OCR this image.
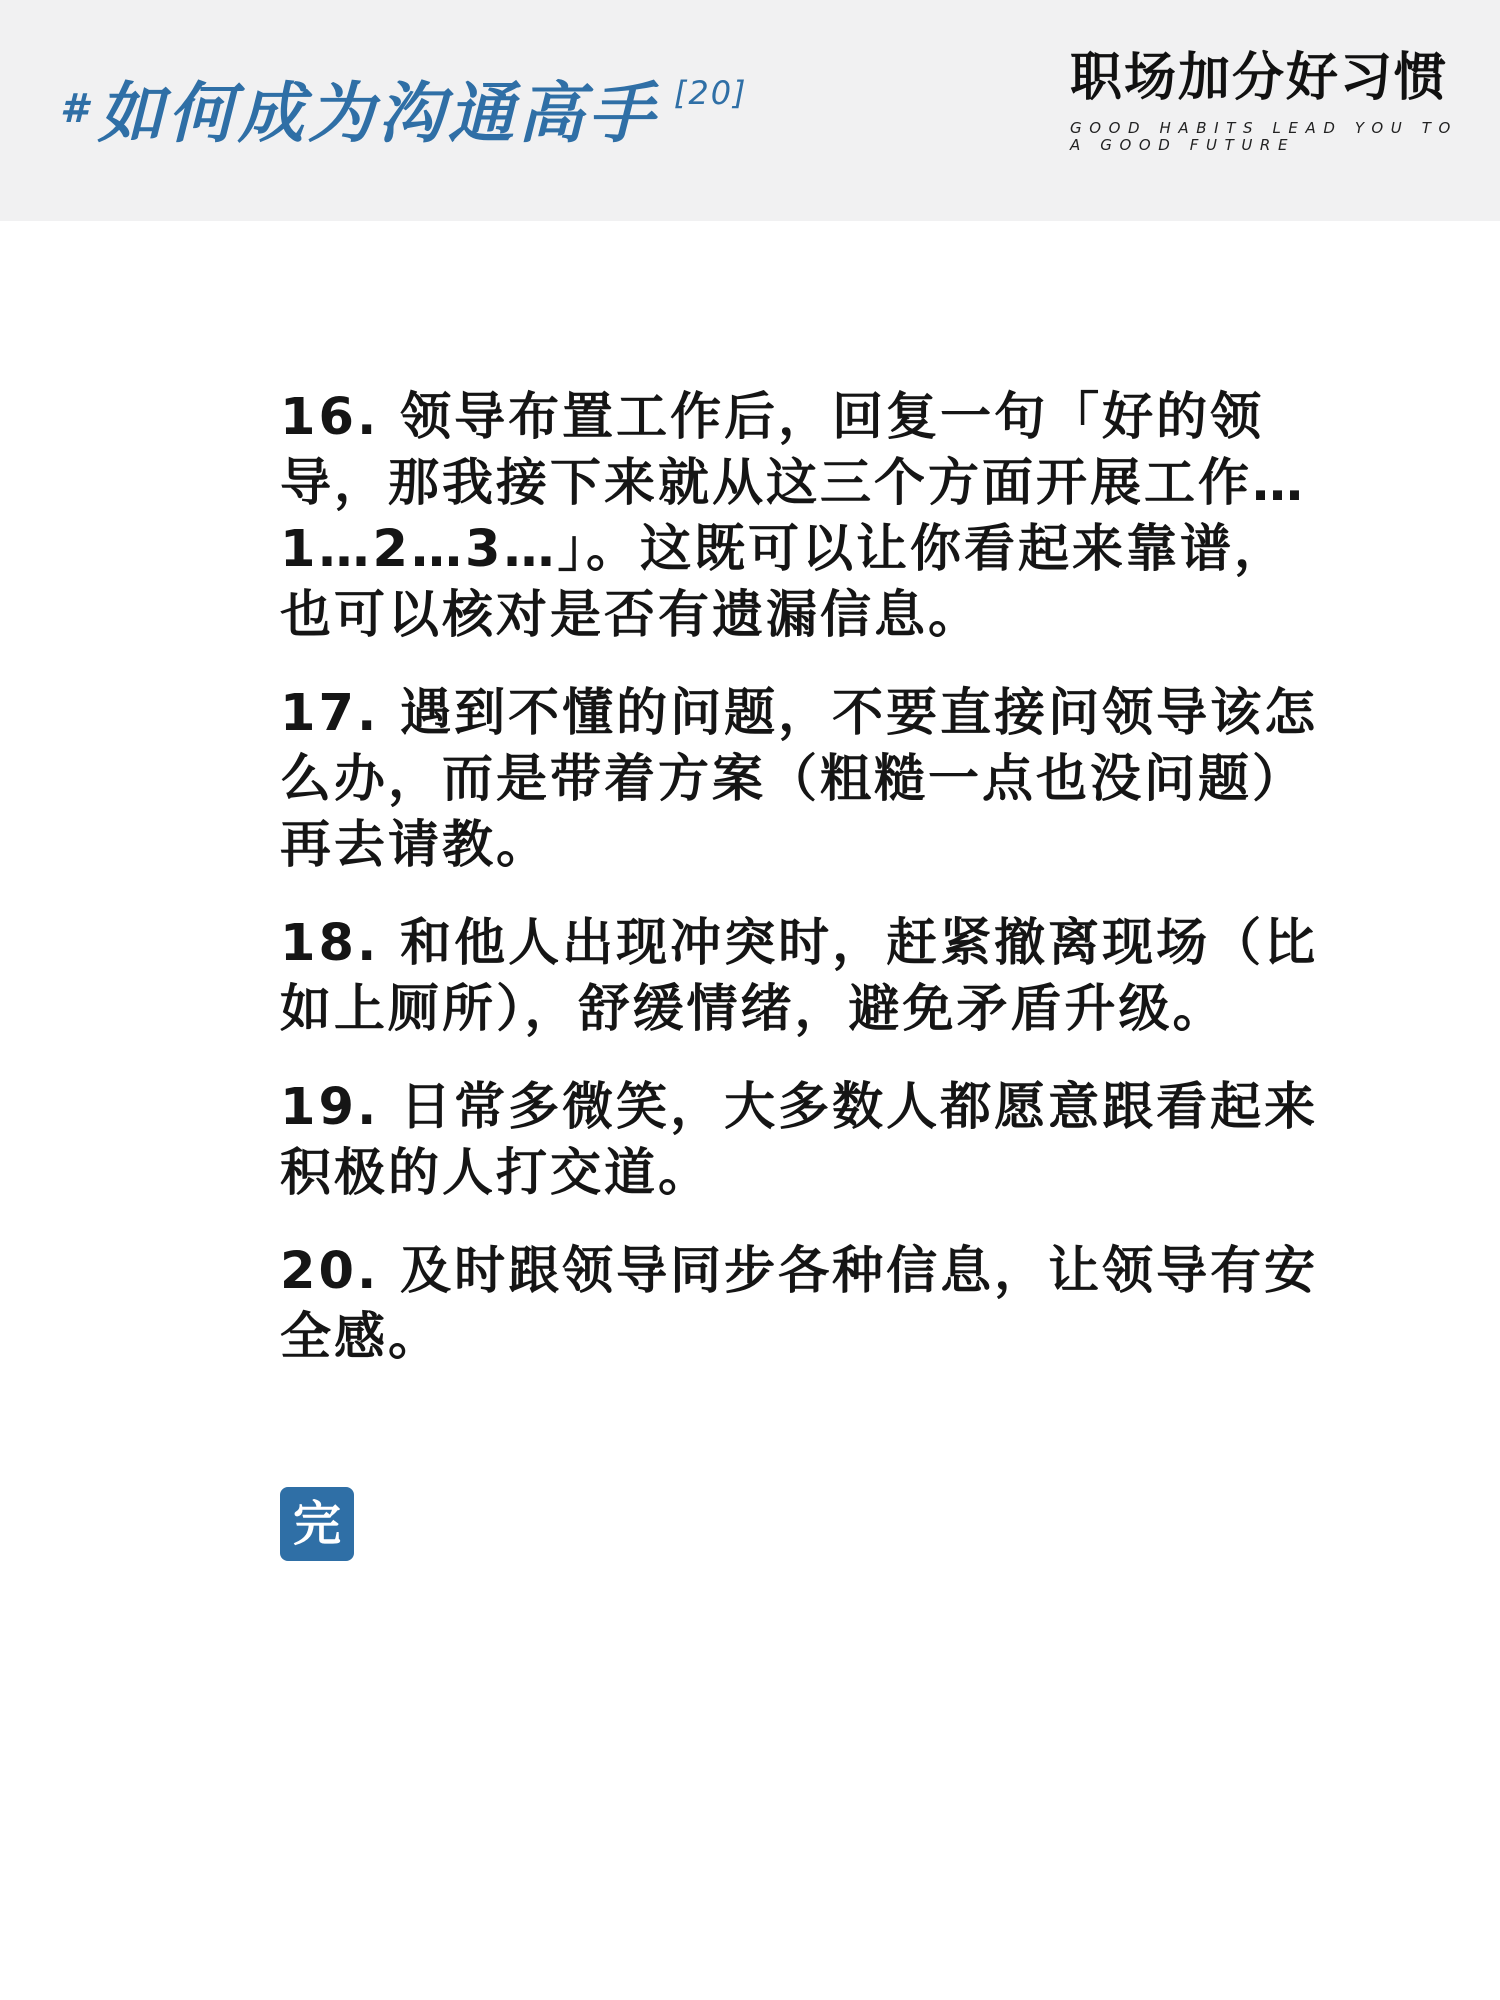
# 如何成为沟通高手 [20]	职场加分好习惯
GOOD HABITS LEAD YOU TO A GOOD FUTURE

16. 领导布置工作后，回复一句「好的领导，那我接下来就从这三个方面开展工作…1…2…3…」。这既可以让你看起来靠谱，也可以核对是否有遗漏信息。

17. 遇到不懂的问题，不要直接问领导该怎么办，而是带着方案（粗糙一点也没问题）再去请教。

18. 和他人出现冲突时，赶紧撤离现场（比如上厕所），舒缓情绪，避免矛盾升级。

19. 日常多微笑，大多数人都愿意跟看起来积极的人打交道。

20. 及时跟领导同步各种信息，让领导有安全感。

完
